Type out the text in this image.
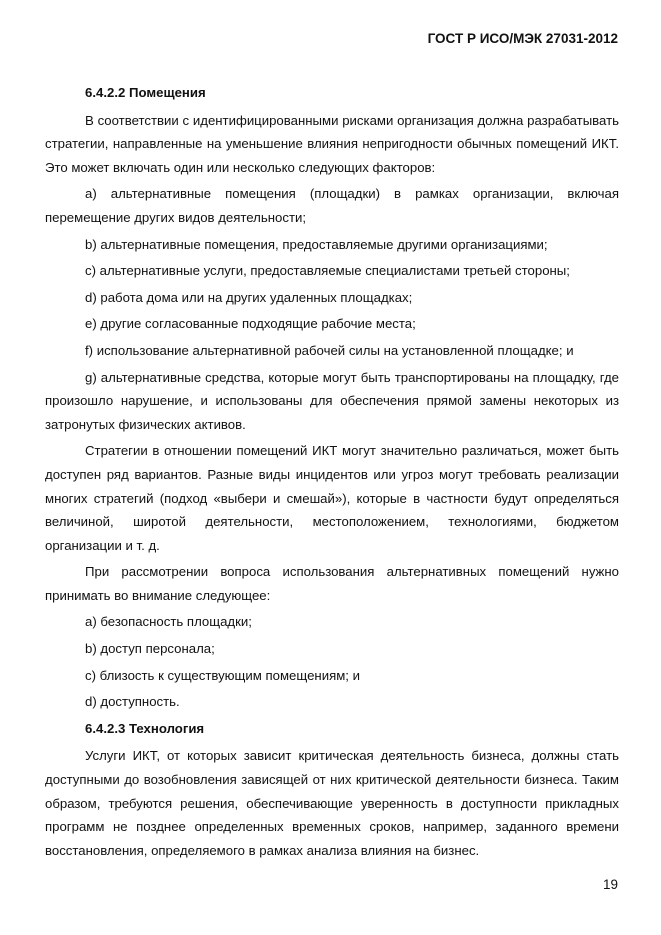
ГОСТ Р ИСО/МЭК 27031-2012

6.4.2.2 Помещения

В соответствии с идентифицированными рисками организация должна разрабатывать стратегии, направленные на уменьшение влияния непригодности обычных помещений ИКТ. Это может включать один или несколько следующих факторов:

a) альтернативные помещения (площадки) в рамках организации, включая перемещение других видов деятельности;

b) альтернативные помещения, предоставляемые другими организациями;

c) альтернативные услуги, предоставляемые специалистами третьей стороны;

d) работа дома или на других удаленных площадках;

e) другие согласованные подходящие рабочие места;

f) использование альтернативной рабочей силы на установленной площадке; и

g) альтернативные средства, которые могут быть транспортированы на площадку, где произошло нарушение, и использованы для обеспечения прямой замены некоторых из затронутых физических активов.

Стратегии в отношении помещений ИКТ могут значительно различаться, может быть доступен ряд вариантов. Разные виды инцидентов или угроз могут требовать реализации многих стратегий (подход «выбери и смешай»), которые в частности будут определяться величиной, широтой деятельности, местоположением, технологиями, бюджетом организации и т. д.

При рассмотрении вопроса использования альтернативных помещений нужно принимать во внимание следующее:

a) безопасность площадки;

b) доступ персонала;

c) близость к существующим помещениям; и

d) доступность.

6.4.2.3 Технология

Услуги ИКТ, от которых зависит критическая деятельность бизнеса, должны стать доступными до возобновления зависящей от них критической деятельности бизнеса. Таким образом, требуются решения, обеспечивающие уверенность в доступности прикладных программ не позднее определенных временных сроков, например, заданного времени восстановления, определяемого в рамках анализа влияния на бизнес.

19
